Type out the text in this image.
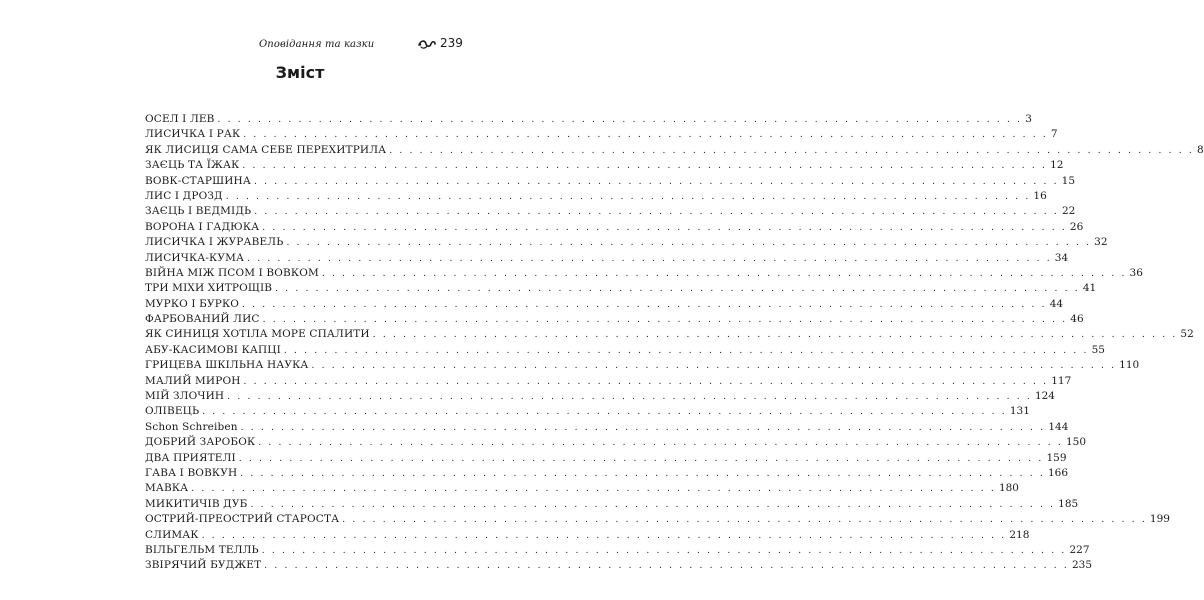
Оповідання та казки	239
Зміст
ОСЕЛ І ЛЕВ . . . . . . . . . . . . . . . . . . . . . . . . . . . . . . . . . . . . . . . . . . . . . . . . . . . . . . . . . . . . . . . . . . . . . . . . . . . . . . . . 3
ЛИСИЧКА І РАК . . . . . . . . . . . . . . . . . . . . . . . . . . . . . . . . . . . . . . . . . . . . . . . . . . . . . . . . . . . . . . . . . . . . . . . . . . . . . . . . 7
ЯК ЛИСИЦЯ САМА СЕБЕ ПЕРЕХИТРИЛА . . . . . . . . . . . . . . . . . . . . . . . . . . . . . . . . . . . . . . . . . . . . . . . . . . . . . . . . . . . . . . . . . . . . . . . . . . . . . . . . 8
ЗАЄЦЬ ТА ЇЖАК . . . . . . . . . . . . . . . . . . . . . . . . . . . . . . . . . . . . . . . . . . . . . . . . . . . . . . . . . . . . . . . . . . . . . . . . . . . . . . . . 12
ВОВК-СТАРШИНА . . . . . . . . . . . . . . . . . . . . . . . . . . . . . . . . . . . . . . . . . . . . . . . . . . . . . . . . . . . . . . . . . . . . . . . . . . . . . . . . 15
ЛИС І ДРОЗД . . . . . . . . . . . . . . . . . . . . . . . . . . . . . . . . . . . . . . . . . . . . . . . . . . . . . . . . . . . . . . . . . . . . . . . . . . . . . . . . 16
ЗАЄЦЬ І ВЕДМІДЬ . . . . . . . . . . . . . . . . . . . . . . . . . . . . . . . . . . . . . . . . . . . . . . . . . . . . . . . . . . . . . . . . . . . . . . . . . . . . . . . . 22
ВОРОНА І ГАДЮКА . . . . . . . . . . . . . . . . . . . . . . . . . . . . . . . . . . . . . . . . . . . . . . . . . . . . . . . . . . . . . . . . . . . . . . . . . . . . . . . . 26
ЛИСИЧКА І ЖУРАВЕЛЬ . . . . . . . . . . . . . . . . . . . . . . . . . . . . . . . . . . . . . . . . . . . . . . . . . . . . . . . . . . . . . . . . . . . . . . . . . . . . . . . . 32
ЛИСИЧКА-КУМА . . . . . . . . . . . . . . . . . . . . . . . . . . . . . . . . . . . . . . . . . . . . . . . . . . . . . . . . . . . . . . . . . . . . . . . . . . . . . . . . 34
ВІЙНА МІЖ ПСОМ І ВОВКОМ . . . . . . . . . . . . . . . . . . . . . . . . . . . . . . . . . . . . . . . . . . . . . . . . . . . . . . . . . . . . . . . . . . . . . . . . . . . . . . . . 36
ТРИ МІХИ ХИТРОЩІВ . . . . . . . . . . . . . . . . . . . . . . . . . . . . . . . . . . . . . . . . . . . . . . . . . . . . . . . . . . . . . . . . . . . . . . . . . . . . . . . . 41
МУРКО І БУРКО . . . . . . . . . . . . . . . . . . . . . . . . . . . . . . . . . . . . . . . . . . . . . . . . . . . . . . . . . . . . . . . . . . . . . . . . . . . . . . . . 44
ФАРБОВАНИЙ ЛИС . . . . . . . . . . . . . . . . . . . . . . . . . . . . . . . . . . . . . . . . . . . . . . . . . . . . . . . . . . . . . . . . . . . . . . . . . . . . . . . . 46
ЯК СИНИЦЯ ХОТІЛА МОРЕ СПАЛИТИ . . . . . . . . . . . . . . . . . . . . . . . . . . . . . . . . . . . . . . . . . . . . . . . . . . . . . . . . . . . . . . . . . . . . . . . . . . . . . . . . 52
АБУ-КАСИМОВІ КАПЦІ . . . . . . . . . . . . . . . . . . . . . . . . . . . . . . . . . . . . . . . . . . . . . . . . . . . . . . . . . . . . . . . . . . . . . . . . . . . . . . . . 55
ГРИЦЕВА ШКІЛЬНА НАУКА . . . . . . . . . . . . . . . . . . . . . . . . . . . . . . . . . . . . . . . . . . . . . . . . . . . . . . . . . . . . . . . . . . . . . . . . . . . . . . . . 110
МАЛИЙ МИРОН . . . . . . . . . . . . . . . . . . . . . . . . . . . . . . . . . . . . . . . . . . . . . . . . . . . . . . . . . . . . . . . . . . . . . . . . . . . . . . . . 117
МІЙ ЗЛОЧИН . . . . . . . . . . . . . . . . . . . . . . . . . . . . . . . . . . . . . . . . . . . . . . . . . . . . . . . . . . . . . . . . . . . . . . . . . . . . . . . . 124
ОЛІВЕЦЬ . . . . . . . . . . . . . . . . . . . . . . . . . . . . . . . . . . . . . . . . . . . . . . . . . . . . . . . . . . . . . . . . . . . . . . . . . . . . . . . . 131
Schon Schreiben . . . . . . . . . . . . . . . . . . . . . . . . . . . . . . . . . . . . . . . . . . . . . . . . . . . . . . . . . . . . . . . . . . . . . . . . . . . . . . . . 144
ДОБРИЙ ЗАРОБОК . . . . . . . . . . . . . . . . . . . . . . . . . . . . . . . . . . . . . . . . . . . . . . . . . . . . . . . . . . . . . . . . . . . . . . . . . . . . . . . . 150
ДВА ПРИЯТЕЛІ . . . . . . . . . . . . . . . . . . . . . . . . . . . . . . . . . . . . . . . . . . . . . . . . . . . . . . . . . . . . . . . . . . . . . . . . . . . . . . . . 159
ГАВА І ВОВКУН . . . . . . . . . . . . . . . . . . . . . . . . . . . . . . . . . . . . . . . . . . . . . . . . . . . . . . . . . . . . . . . . . . . . . . . . . . . . . . . . 166
МАВКА . . . . . . . . . . . . . . . . . . . . . . . . . . . . . . . . . . . . . . . . . . . . . . . . . . . . . . . . . . . . . . . . . . . . . . . . . . . . . . . . 180
МИКИТИЧІВ ДУБ . . . . . . . . . . . . . . . . . . . . . . . . . . . . . . . . . . . . . . . . . . . . . . . . . . . . . . . . . . . . . . . . . . . . . . . . . . . . . . . . 185
ОСТРИЙ-ПРЕОСТРИЙ СТАРОСТА . . . . . . . . . . . . . . . . . . . . . . . . . . . . . . . . . . . . . . . . . . . . . . . . . . . . . . . . . . . . . . . . . . . . . . . . . . . . . . . . 199
СЛИМАК . . . . . . . . . . . . . . . . . . . . . . . . . . . . . . . . . . . . . . . . . . . . . . . . . . . . . . . . . . . . . . . . . . . . . . . . . . . . . . . . 218
ВІЛЬГЕЛЬМ ТЕЛЛЬ . . . . . . . . . . . . . . . . . . . . . . . . . . . . . . . . . . . . . . . . . . . . . . . . . . . . . . . . . . . . . . . . . . . . . . . . . . . . . . . . 227
ЗВІРЯЧИЙ БУДЖЕТ . . . . . . . . . . . . . . . . . . . . . . . . . . . . . . . . . . . . . . . . . . . . . . . . . . . . . . . . . . . . . . . . . . . . . . . . . . . . . . . . 235
